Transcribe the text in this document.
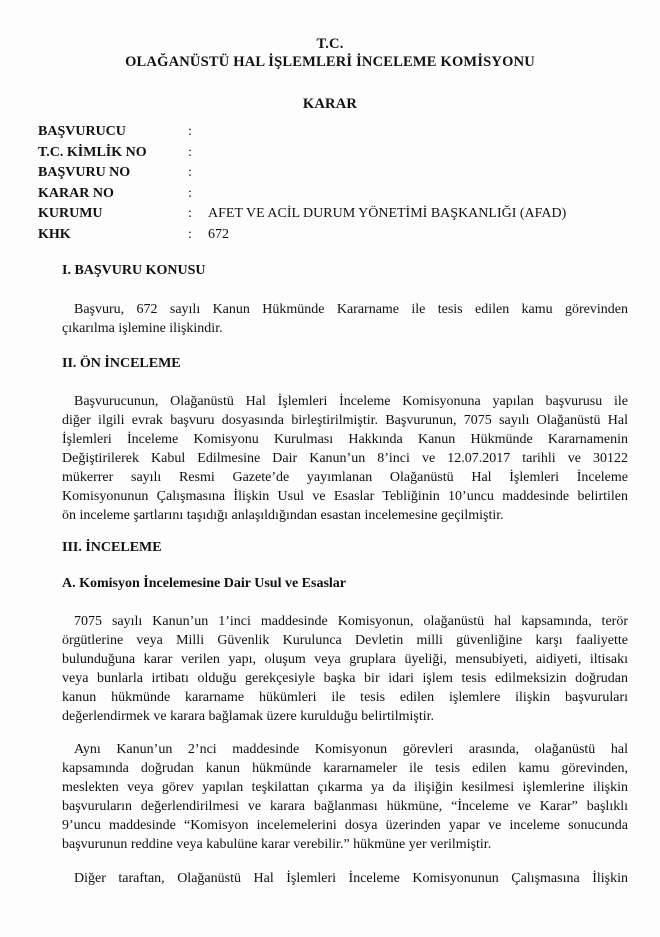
T.C.
OLAĞANÜSTÜ HAL İŞLEMLERİ İNCELEME KOMİSYONU
KARAR
BAŞVURUCU	:
T.C. KİMLİK NO	:
BAŞVURU NO	:
KARAR NO	:
KURUMU	:	AFET VE ACİL DURUM YÖNETİMİ BAŞKANLIĞI (AFAD)
KHK	:	672
I. BAŞVURU KONUSU
Başvuru, 672 sayılı Kanun Hükmünde Kararname ile tesis edilen kamu görevinden
çıkarılma işlemine ilişkindir.
II. ÖN İNCELEME
Başvurucunun, Olağanüstü Hal İşlemleri İnceleme Komisyonuna yapılan başvurusu ile
diğer ilgili evrak başvuru dosyasında birleştirilmiştir. Başvurunun, 7075 sayılı Olağanüstü Hal
İşlemleri İnceleme Komisyonu Kurulması Hakkında Kanun Hükmünde Kararnamenin
Değiştirilerek Kabul Edilmesine Dair Kanun’un 8’inci ve 12.07.2017 tarihli ve 30122
mükerrer sayılı Resmi Gazete’de yayımlanan Olağanüstü Hal İşlemleri İnceleme
Komisyonunun Çalışmasına İlişkin Usul ve Esaslar Tebliğinin 10’uncu maddesinde belirtilen
ön inceleme şartlarını taşıdığı anlaşıldığından esastan incelemesine geçilmiştir.
III. İNCELEME
A. Komisyon İncelemesine Dair Usul ve Esaslar
7075 sayılı Kanun’un 1’inci maddesinde Komisyonun, olağanüstü hal kapsamında, terör
örgütlerine veya Milli Güvenlik Kurulunca Devletin milli güvenliğine karşı faaliyette
bulunduğuna karar verilen yapı, oluşum veya gruplara üyeliği, mensubiyeti, aidiyeti, iltisakı
veya bunlarla irtibatı olduğu gerekçesiyle başka bir idari işlem tesis edilmeksizin doğrudan
kanun hükmünde kararname hükümleri ile tesis edilen işlemlere ilişkin başvuruları
değerlendirmek ve karara bağlamak üzere kurulduğu belirtilmiştir.
Aynı Kanun’un 2’nci maddesinde Komisyonun görevleri arasında, olağanüstü hal
kapsamında doğrudan kanun hükmünde kararnameler ile tesis edilen kamu görevinden,
meslekten veya görev yapılan teşkilattan çıkarma ya da ilişiğin kesilmesi işlemlerine ilişkin
başvuruların değerlendirilmesi ve karara bağlanması hükmüne, “İnceleme ve Karar” başlıklı
9’uncu maddesinde “Komisyon incelemelerini dosya üzerinden yapar ve inceleme sonucunda
başvurunun reddine veya kabulüne karar verebilir.” hükmüne yer verilmiştir.
Diğer taraftan, Olağanüstü Hal İşlemleri İnceleme Komisyonunun Çalışmasına İlişkin
